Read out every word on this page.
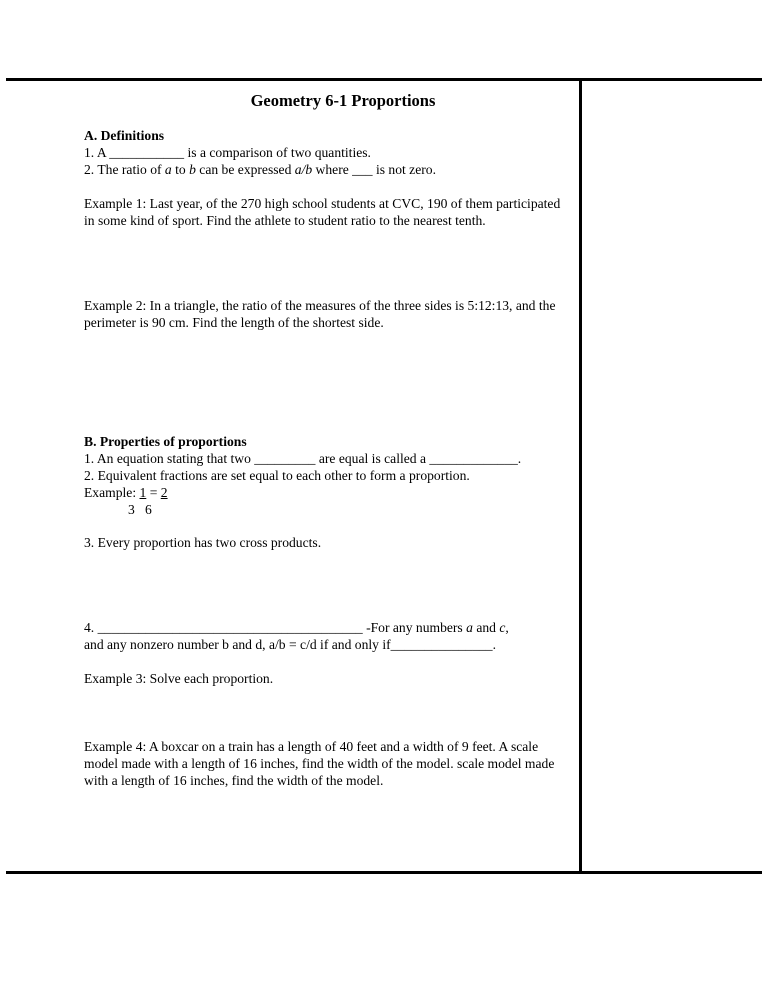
Geometry 6-1 Proportions

A. Definitions

1. A ___________ is a comparison of two quantities.

2. The ratio of a to b can be expressed a/b where ___ is not zero.

Example 1: Last year, of the 270 high school students at CVC, 190 of them participated in some kind of sport. Find the athlete to student ratio to the nearest tenth.

Example 2: In a triangle, the ratio of the measures of the three sides is 5:12:13, and the perimeter is 90 cm. Find the length of the shortest side.

B. Properties of proportions

1. An equation stating that two _________ are equal is called a _____________.

2. Equivalent fractions are set equal to each other to form a proportion.

Example: 1 = 2

3   6

3. Every proportion has two cross products.

4. _______________________________________ -For any numbers a and c,

and any nonzero number b and d, a/b = c/d if and only if_______________.

Example 3: Solve each proportion.

Example 4: A boxcar on a train has a length of 40 feet and a width of 9 feet. A scale model made with a length of 16 inches, find the width of the model. scale model made with a length of 16 inches, find the width of the model.
